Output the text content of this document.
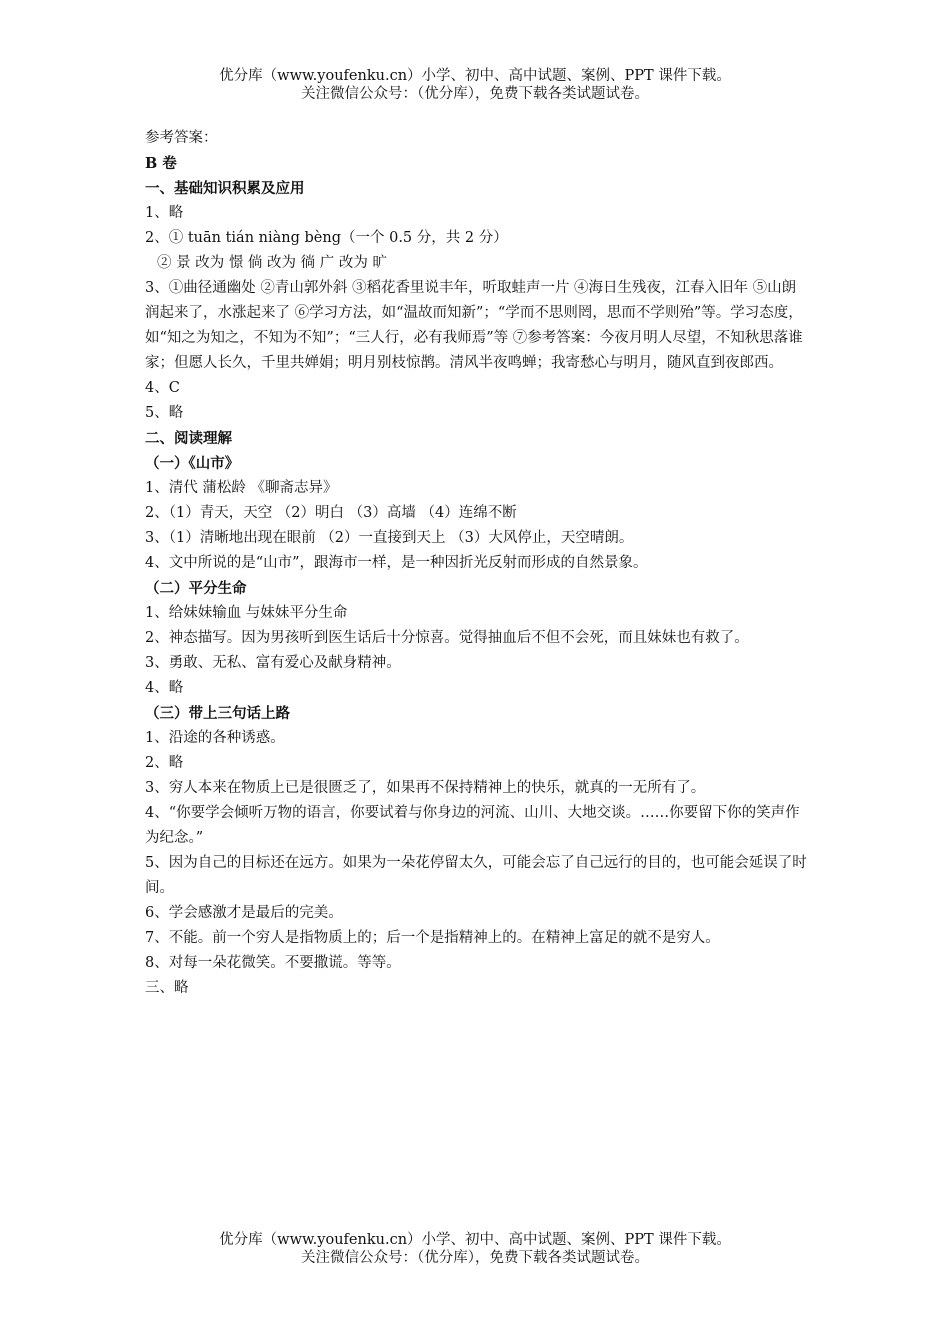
优分库（www.youfenku.cn）小学、初中、高中试题、案例、PPT 课件下载。
关注微信公众号：（优分库），免费下载各类试题试卷。
参考答案：
B 卷
一、基础知识积累及应用
1、略
2、① tuān tián niàng bèng（一个 0.5 分，共 2 分）
② 景 改为 憬 倘 改为 徜 广 改为 旷
3、①曲径通幽处 ②青山郭外斜 ③稻花香里说丰年，听取蛙声一片 ④海日生残夜，江春入旧年 ⑤山朗润起来了，水涨起来了 ⑥学习方法，如“温故而知新”；“学而不思则罔，思而不学则殆”等。学习态度，如“知之为知之，不知为不知”；“三人行，必有我师焉”等 ⑦参考答案：今夜月明人尽望，不知秋思落谁家；但愿人长久，千里共婵娟；明月别枝惊鹊。清风半夜鸣蝉；我寄愁心与明月，随风直到夜郎西。
4、C
5、略
二、阅读理解
（一）《山市》
1、清代 蒲松龄 《聊斋志异》
2、（1）青天，天空 （2）明白 （3）高墙 （4）连绵不断
3、（1）清晰地出现在眼前 （2）一直接到天上 （3）大风停止，天空晴朗。
4、文中所说的是“山市”，跟海市一样，是一种因折光反射而形成的自然景象。
（二）平分生命
1、给妹妹输血 与妹妹平分生命
2、神态描写。因为男孩听到医生话后十分惊喜。觉得抽血后不但不会死，而且妹妹也有救了。
3、勇敢、无私、富有爱心及献身精神。
4、略
（三）带上三句话上路
1、沿途的各种诱惑。
2、略
3、穷人本来在物质上已是很匮乏了，如果再不保持精神上的快乐，就真的一无所有了。
4、“你要学会倾听万物的语言，你要试着与你身边的河流、山川、大地交谈。……你要留下你的笑声作为纪念。”
5、因为自己的目标还在远方。如果为一朵花停留太久，可能会忘了自己远行的目的，也可能会延误了时间。
6、学会感激才是最后的完美。
7、不能。前一个穷人是指物质上的；后一个是指精神上的。在精神上富足的就不是穷人。
8、对每一朵花微笑。不要撒谎。等等。
三、略
优分库（www.youfenku.cn）小学、初中、高中试题、案例、PPT 课件下载。
关注微信公众号：（优分库），免费下载各类试题试卷。
